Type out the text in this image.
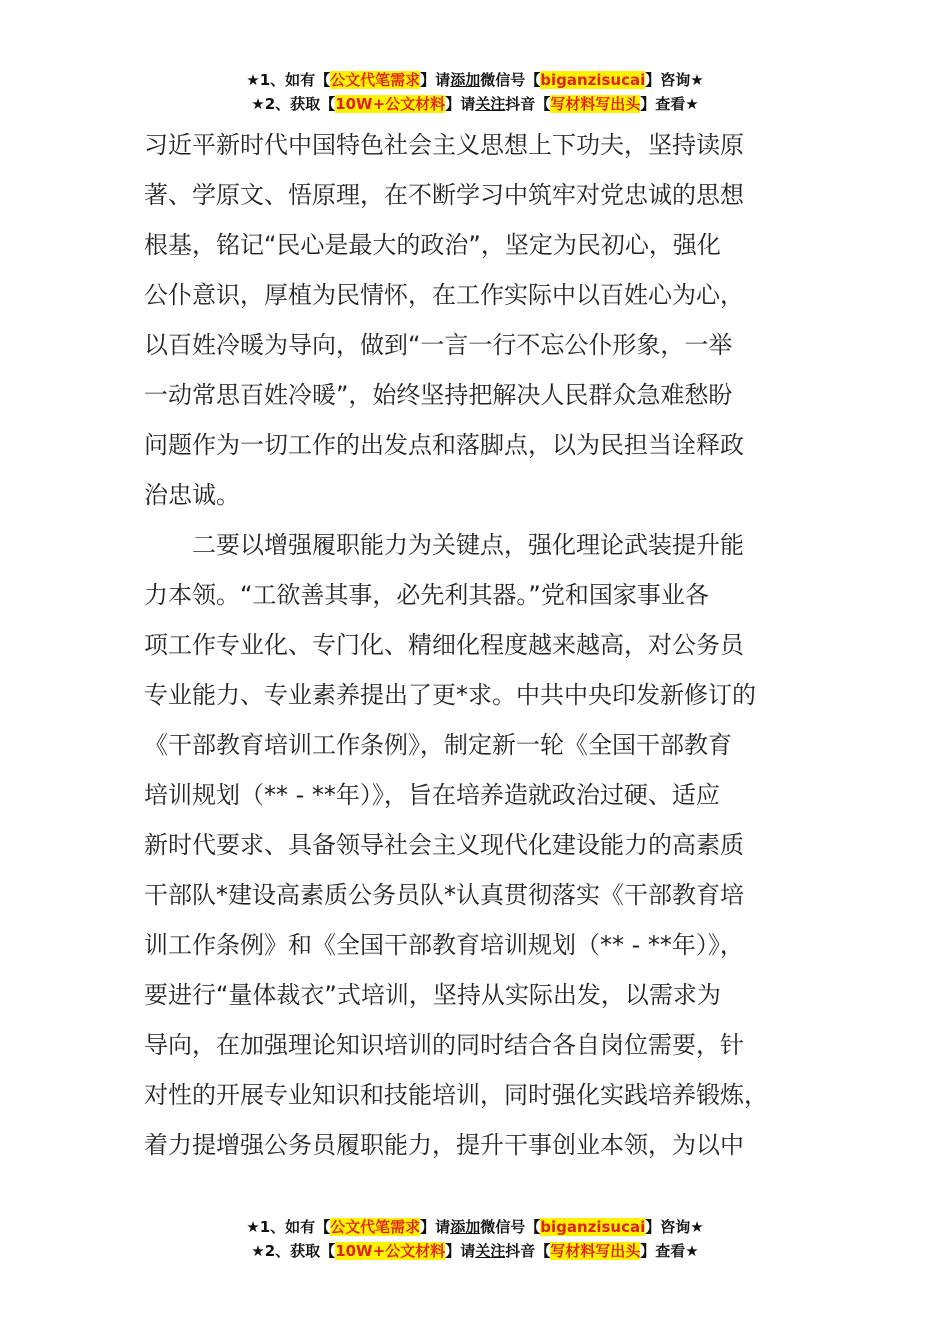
★1、如有【公文代笔需求】请添加微信号【biganzisucai】咨询★
★2、获取【10W+公文材料】请关注抖音【写材料写出头】查看★
习近平新时代中国特色社会主义思想上下功夫，坚持读原
著、学原文、悟原理，在不断学习中筑牢对党忠诚的思想
根基，铭记“民心是最大的政治”，坚定为民初心，强化
公仆意识，厚植为民情怀，在工作实际中以百姓心为心，
以百姓冷暖为导向，做到“一言一行不忘公仆形象，一举
一动常思百姓冷暖”，始终坚持把解决人民群众急难愁盼
问题作为一切工作的出发点和落脚点，以为民担当诠释政
治忠诚。
　　二要以增强履职能力为关键点，强化理论武装提升能
力本领。“工欲善其事，必先利其器。”党和国家事业各
项工作专业化、专门化、精细化程度越来越高，对公务员
专业能力、专业素养提出了更*求。中共中央印发新修订的
《干部教育培训工作条例》，制定新一轮《全国干部教育
培训规划（** - **年）》，旨在培养造就政治过硬、适应
新时代要求、具备领导社会主义现代化建设能力的高素质
干部队*建设高素质公务员队*认真贯彻落实《干部教育培
训工作条例》和《全国干部教育培训规划（** - **年）》，
要进行“量体裁衣”式培训，坚持从实际出发，以需求为
导向，在加强理论知识培训的同时结合各自岗位需要，针
对性的开展专业知识和技能培训，同时强化实践培养锻炼，
着力提增强公务员履职能力，提升干事创业本领，为以中
★1、如有【公文代笔需求】请添加微信号【biganzisucai】咨询★
★2、获取【10W+公文材料】请关注抖音【写材料写出头】查看★
